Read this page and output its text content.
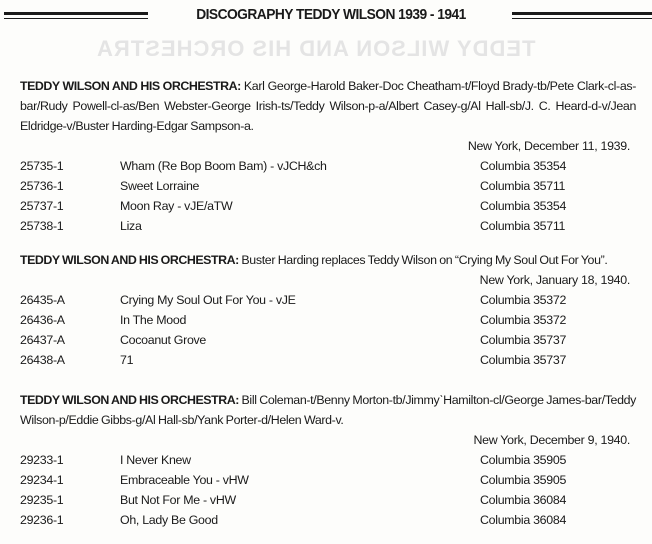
DISCOGRAPHY TEDDY WILSON 1939 - 1941
TEDDY WILSON AND HIS ORCHESTRA
TEDDY WILSON AND HIS ORCHESTRA: Karl George-Harold Baker-Doc Cheatham-t/Floyd Brady-tb/Pete Clark-cl-as-bar/Rudy Powell-cl-as/Ben Webster-George Irish-ts/Teddy Wilson-p-a/Albert Casey-g/Al Hall-sb/J. C. Heard-d-v/Jean Eldridge-v/Buster Harding-Edgar Sampson-a.
New York, December 11, 1939.
25735-1	Wham (Re Bop Boom Bam) - vJCH&ch	Columbia 35354
25736-1	Sweet Lorraine	Columbia 35711
25737-1	Moon Ray - vJE/aTW	Columbia 35354
25738-1	Liza	Columbia 35711
TEDDY WILSON AND HIS ORCHESTRA: Buster Harding replaces Teddy Wilson on “Crying My Soul Out For You”.
New York, January 18, 1940.
26435-A	Crying My Soul Out For You - vJE	Columbia 35372
26436-A	In The Mood	Columbia 35372
26437-A	Cocoanut Grove	Columbia 35737
26438-A	71	Columbia 35737
TEDDY WILSON AND HIS ORCHESTRA: Bill Coleman-t/Benny Morton-tb/JimmyˋHamilton-cl/George James-bar/Teddy Wilson-p/Eddie Gibbs-g/Al Hall-sb/Yank Porter-d/Helen Ward-v.
New York, December 9, 1940.
29233-1	I Never Knew	Columbia 35905
29234-1	Embraceable You - vHW	Columbia 35905
29235-1	But Not For Me - vHW	Columbia 36084
29236-1	Oh, Lady Be Good	Columbia 36084
